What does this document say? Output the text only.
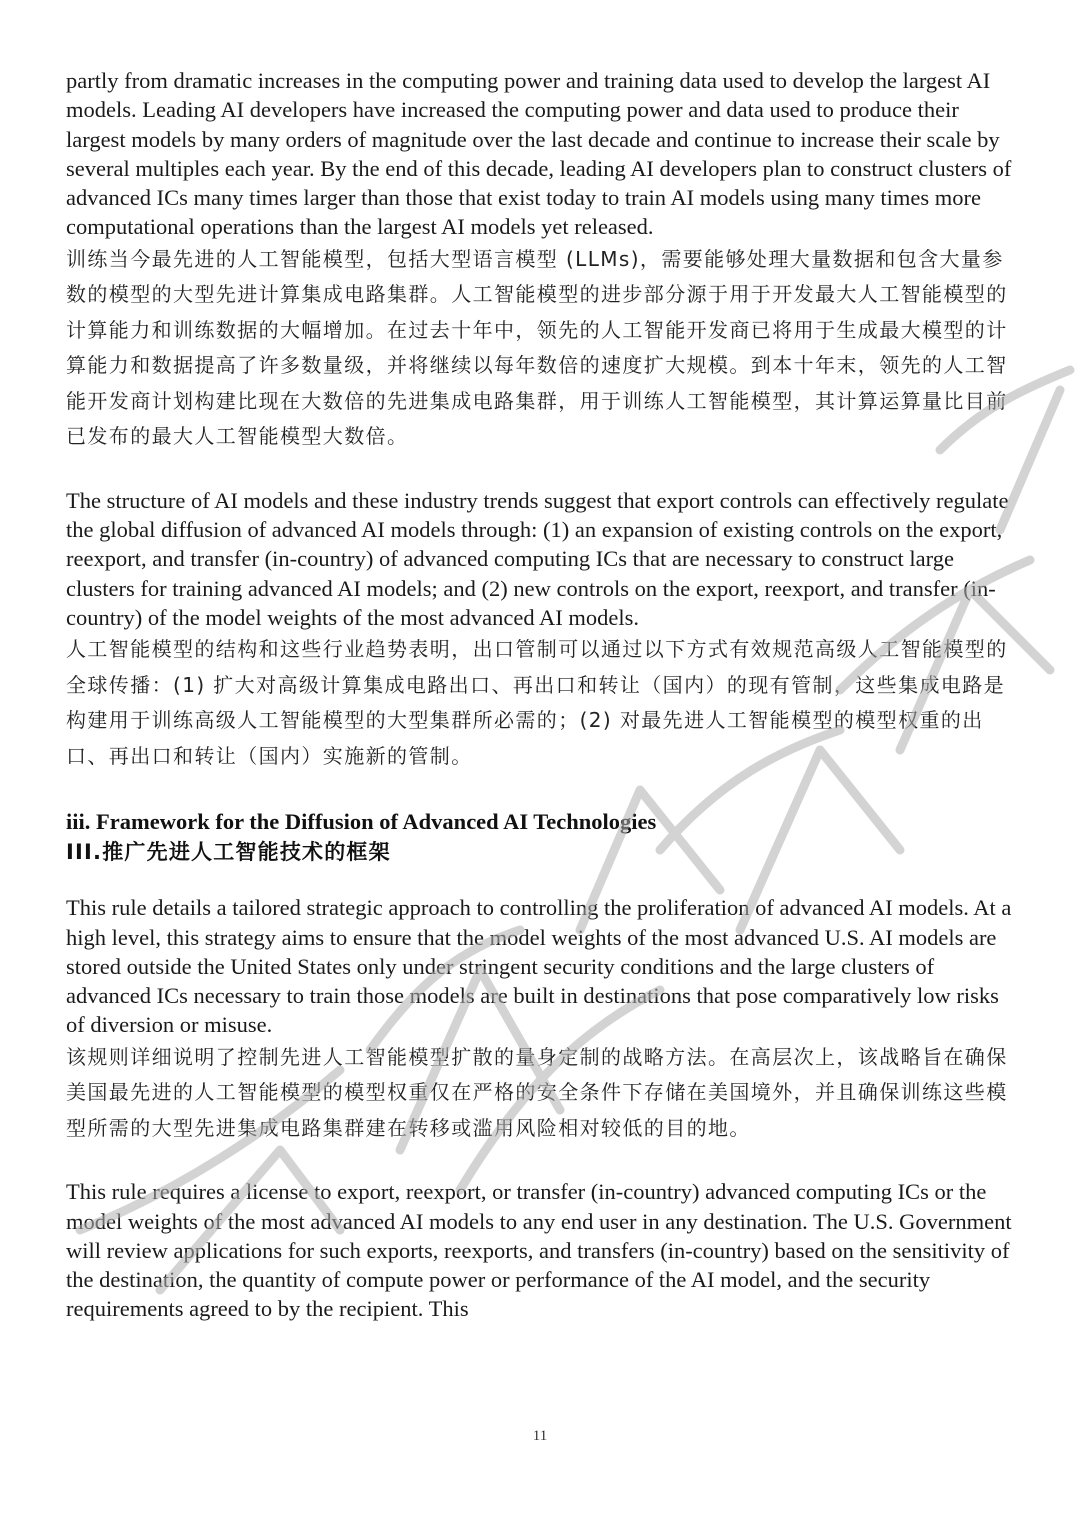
partly from dramatic increases in the computing power and training data used to develop the largest AI models. Leading AI developers have increased the computing power and data used to produce their largest models by many orders of magnitude over the last decade and continue to increase their scale by several multiples each year. By the end of this decade, leading AI developers plan to construct clusters of advanced ICs many times larger than those that exist today to train AI models using many times more computational operations than the largest AI models yet released.

训练当今最先进的人工智能模型，包括大型语言模型 (LLMs)，需要能够处理大量数据和包含大量参数的模型的大型先进计算集成电路集群。人工智能模型的进步部分源于用于开发最大人工智能模型的计算能力和训练数据的大幅增加。在过去十年中，领先的人工智能开发商已将用于生成最大模型的计算能力和数据提高了许多数量级，并将继续以每年数倍的速度扩大规模。到本十年末，领先的人工智能开发商计划构建比现在大数倍的先进集成电路集群，用于训练人工智能模型，其计算运算量比目前已发布的最大人工智能模型大数倍。

The structure of AI models and these industry trends suggest that export controls can effectively regulate the global diffusion of advanced AI models through: (1) an expansion of existing controls on the export, reexport, and transfer (in-country) of advanced computing ICs that are necessary to construct large clusters for training advanced AI models; and (2) new controls on the export, reexport, and transfer (in-country) of the model weights of the most advanced AI models.

人工智能模型的结构和这些行业趋势表明，出口管制可以通过以下方式有效规范高级人工智能模型的全球传播：(1) 扩大对高级计算集成电路出口、再出口和转让（国内）的现有管制，这些集成电路是构建用于训练高级人工智能模型的大型集群所必需的；(2) 对最先进人工智能模型的模型权重的出口、再出口和转让（国内）实施新的管制。

iii. Framework for the Diffusion of Advanced AI Technologies

III.推广先进人工智能技术的框架

This rule details a tailored strategic approach to controlling the proliferation of advanced AI models. At a high level, this strategy aims to ensure that the model weights of the most advanced U.S. AI models are stored outside the United States only under stringent security conditions and the large clusters of advanced ICs necessary to train those models are built in destinations that pose comparatively low risks of diversion or misuse.

该规则详细说明了控制先进人工智能模型扩散的量身定制的战略方法。在高层次上，该战略旨在确保美国最先进的人工智能模型的模型权重仅在严格的安全条件下存储在美国境外，并且确保训练这些模型所需的大型先进集成电路集群建在转移或滥用风险相对较低的目的地。

This rule requires a license to export, reexport, or transfer (in-country) advanced computing ICs or the model weights of the most advanced AI models to any end user in any destination. The U.S. Government will review applications for such exports, reexports, and transfers (in-country) based on the sensitivity of the destination, the quantity of compute power or performance of the AI model, and the security requirements agreed to by the recipient. This

11
